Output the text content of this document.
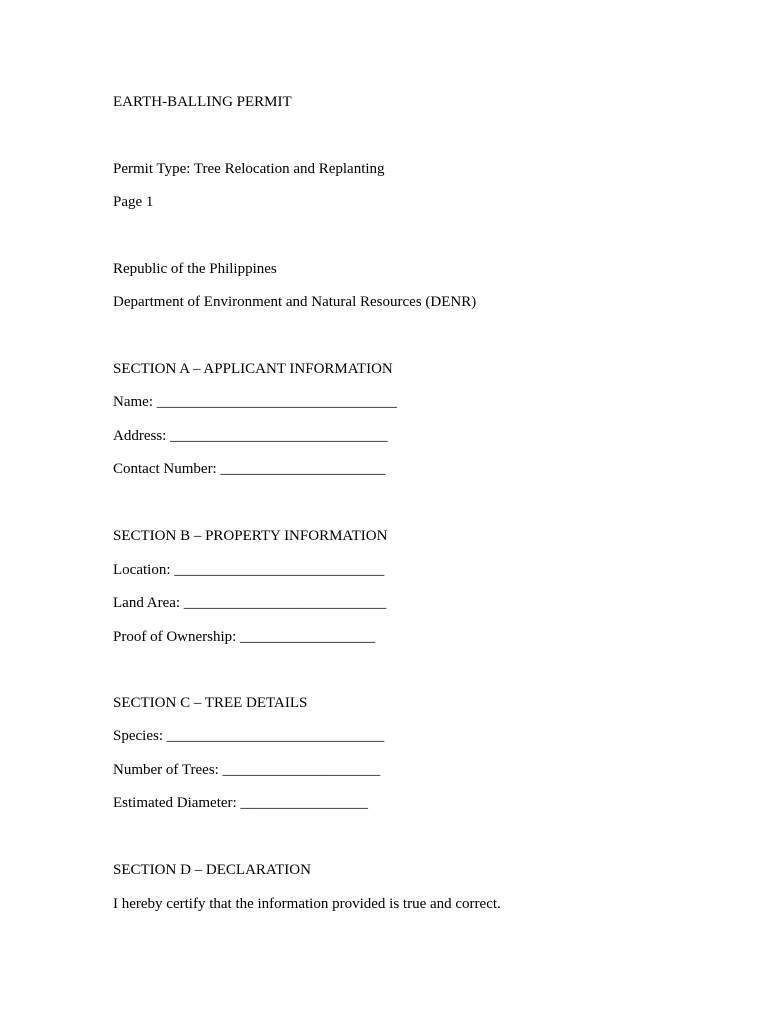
EARTH-BALLING PERMIT
Permit Type: Tree Relocation and Replanting
Page 1
Republic of the Philippines
Department of Environment and Natural Resources (DENR)
SECTION A – APPLICANT INFORMATION
Name: ________________________________
Address: _____________________________
Contact Number: ______________________
SECTION B – PROPERTY INFORMATION
Location: ____________________________
Land Area: ___________________________
Proof of Ownership: __________________
SECTION C – TREE DETAILS
Species: _____________________________
Number of Trees: _____________________
Estimated Diameter: _________________
SECTION D – DECLARATION
I hereby certify that the information provided is true and correct.
